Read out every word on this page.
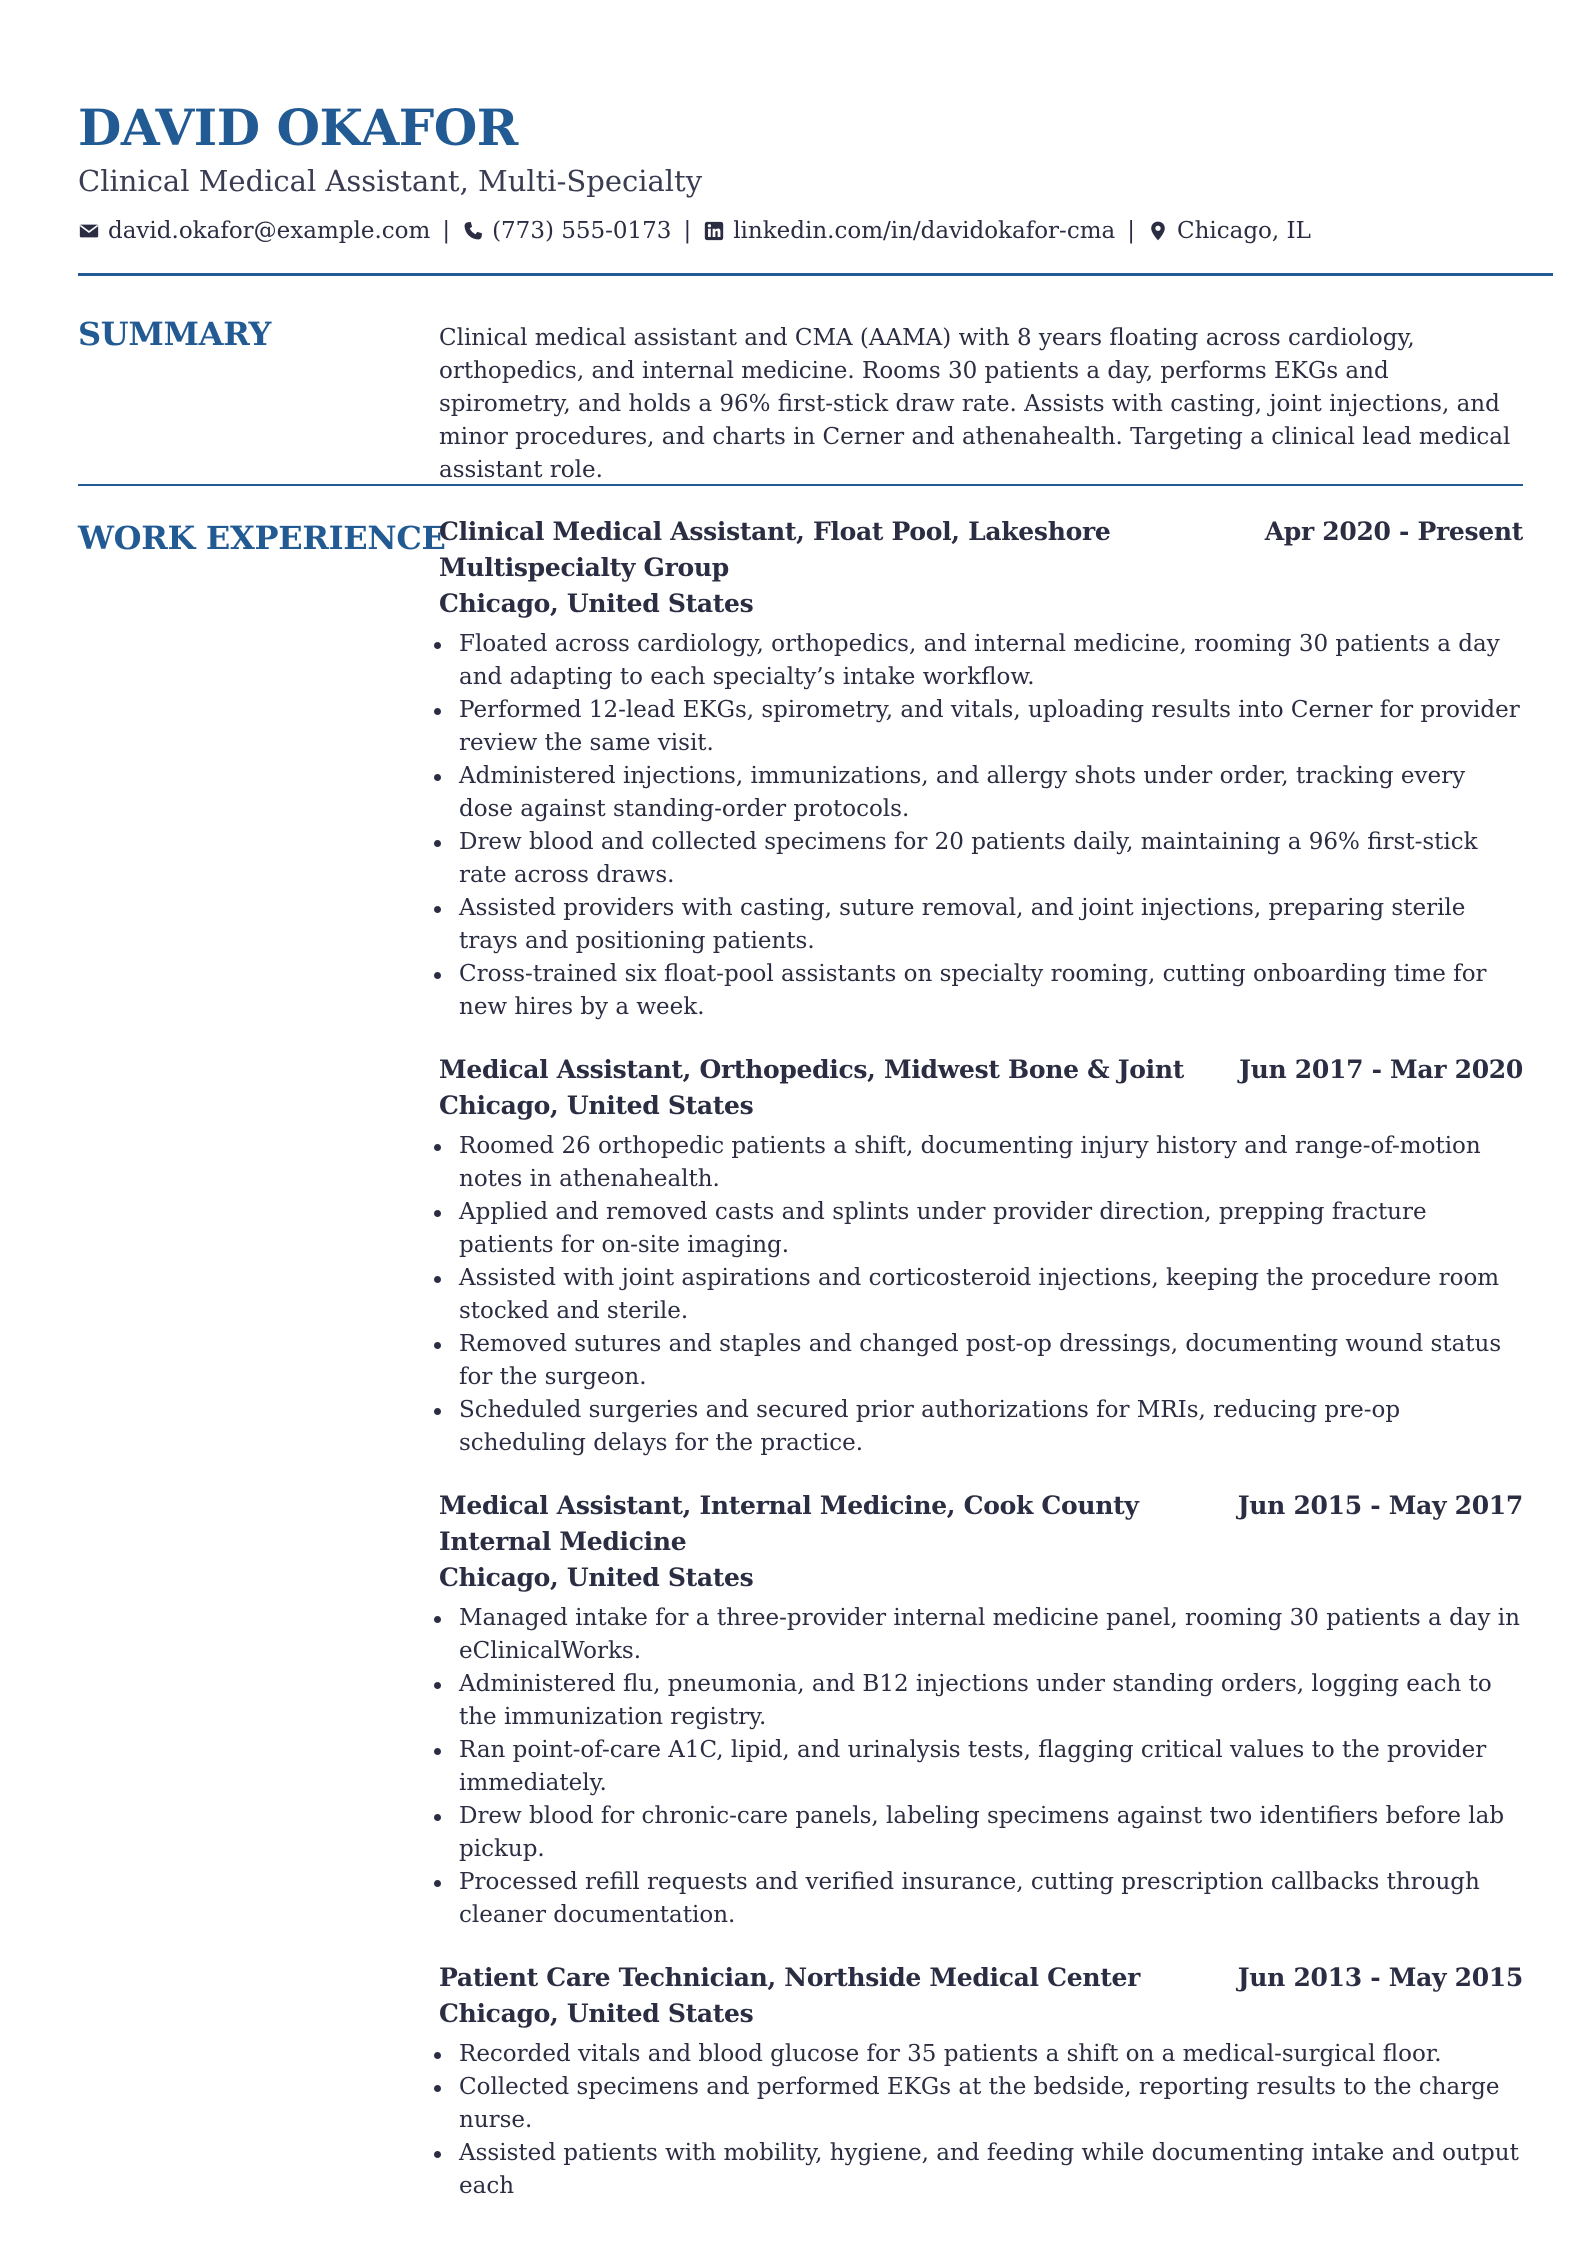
DAVID OKAFOR
Clinical Medical Assistant, Multi-Specialty
david.okafor@example.com | (773) 555-0173 | linkedin.com/in/davidokafor-cma | Chicago, IL
SUMMARY	Clinical medical assistant and CMA (AAMA) with 8 years floating across cardiology, orthopedics, and internal medicine. Rooms 30 patients a day, performs EKGs and spirometry, and holds a 96% first-stick draw rate. Assists with casting, joint injections, and minor procedures, and charts in Cerner and athenahealth. Targeting a clinical lead medical assistant role.
WORK EXPERIENCE
Clinical Medical Assistant, Float Pool, Lakeshore Multispecialty Group
Apr 2020 - Present
Chicago, United States
Floated across cardiology, orthopedics, and internal medicine, rooming 30 patients a day and adapting to each specialty’s intake workflow.
Performed 12-lead EKGs, spirometry, and vitals, uploading results into Cerner for provider review the same visit.
Administered injections, immunizations, and allergy shots under order, tracking every dose against standing-order protocols.
Drew blood and collected specimens for 20 patients daily, maintaining a 96% first-stick rate across draws.
Assisted providers with casting, suture removal, and joint injections, preparing sterile trays and positioning patients.
Cross-trained six float-pool assistants on specialty rooming, cutting onboarding time for new hires by a week.
Medical Assistant, Orthopedics, Midwest Bone & Joint	Jun 2017 - Mar 2020
Chicago, United States
Roomed 26 orthopedic patients a shift, documenting injury history and range-of-motion notes in athenahealth.
Applied and removed casts and splints under provider direction, prepping fracture patients for on-site imaging.
Assisted with joint aspirations and corticosteroid injections, keeping the procedure room stocked and sterile.
Removed sutures and staples and changed post-op dressings, documenting wound status for the surgeon.
Scheduled surgeries and secured prior authorizations for MRIs, reducing pre-op scheduling delays for the practice.
Medical Assistant, Internal Medicine, Cook County Internal Medicine
Jun 2015 - May 2017
Chicago, United States
Managed intake for a three-provider internal medicine panel, rooming 30 patients a day in eClinicalWorks.
Administered flu, pneumonia, and B12 injections under standing orders, logging each to the immunization registry.
Ran point-of-care A1C, lipid, and urinalysis tests, flagging critical values to the provider immediately.
Drew blood for chronic-care panels, labeling specimens against two identifiers before lab pickup.
Processed refill requests and verified insurance, cutting prescription callbacks through cleaner documentation.
Patient Care Technician, Northside Medical Center	Jun 2013 - May 2015
Chicago, United States
Recorded vitals and blood glucose for 35 patients a shift on a medical-surgical floor.
Collected specimens and performed EKGs at the bedside, reporting results to the charge nurse.
Assisted patients with mobility, hygiene, and feeding while documenting intake and output each
